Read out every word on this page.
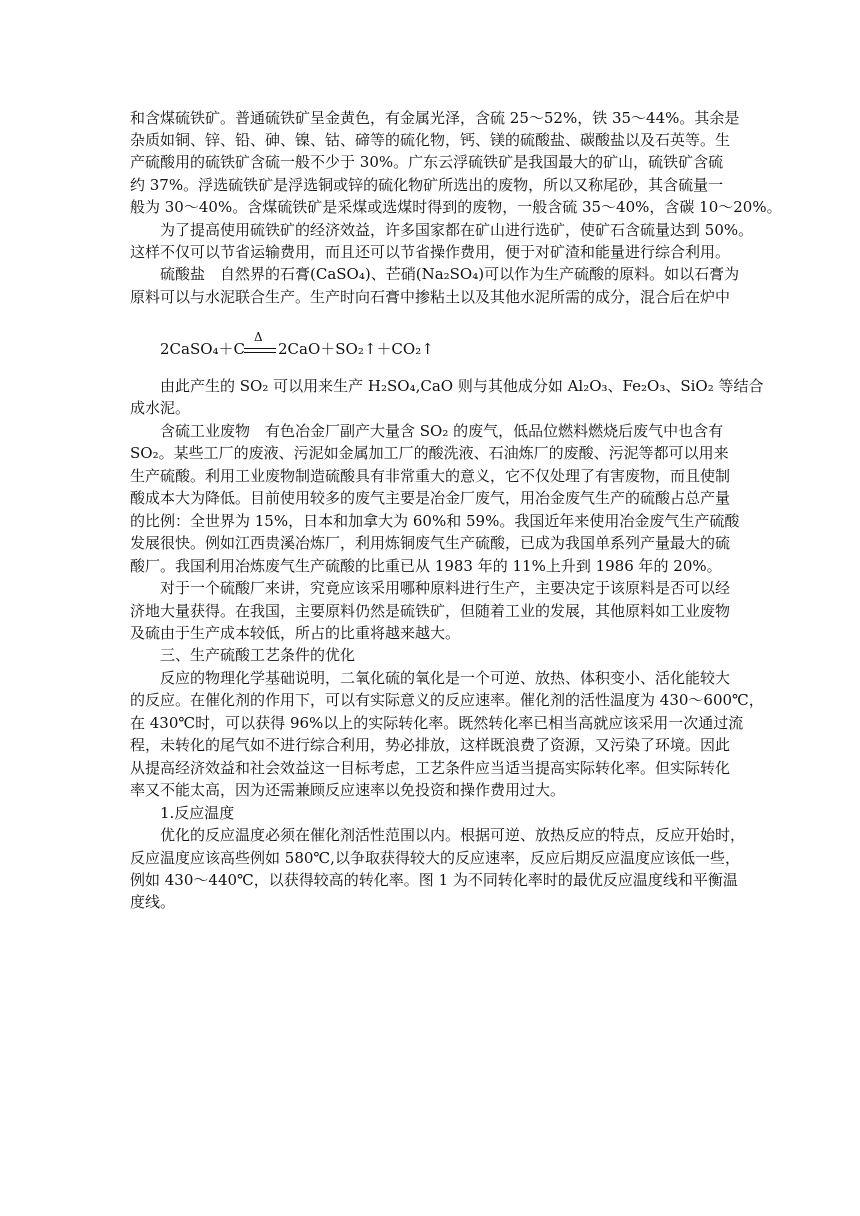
和含煤硫铁矿。普通硫铁矿呈金黄色，有金属光泽，含硫 25～52%，铁 35～44%。其余是
杂质如铜、锌、铅、砷、镍、钴、碲等的硫化物，钙、镁的硫酸盐、碳酸盐以及石英等。生
产硫酸用的硫铁矿含硫一般不少于 30%。广东云浮硫铁矿是我国最大的矿山，硫铁矿含硫
约 37%。浮选硫铁矿是浮选铜或锌的硫化物矿所选出的废物，所以又称尾砂，其含硫量一
般为 30～40%。含煤硫铁矿是采煤或选煤时得到的废物，一般含硫 35～40%，含碳 10～20%。
为了提高使用硫铁矿的经济效益，许多国家都在矿山进行选矿，使矿石含硫量达到 50%。
这样不仅可以节省运输费用，而且还可以节省操作费用，便于对矿渣和能量进行综合利用。
硫酸盐　自然界的石膏(CaSO₄)、芒硝(Na₂SO₄)可以作为生产硫酸的原料。如以石膏为
原料可以与水泥联合生产。生产时向石膏中掺粘土以及其他水泥所需的成分，混合后在炉中
2CaSO₄＋C
Δ
2CaO＋SO₂↑＋CO₂↑
由此产生的 SO₂ 可以用来生产 H₂SO₄,CaO 则与其他成分如 Al₂O₃、Fe₂O₃、SiO₂ 等结合
成水泥。
含硫工业废物　有色冶金厂副产大量含 SO₂ 的废气，低品位燃料燃烧后废气中也含有
SO₂。某些工厂的废液、污泥如金属加工厂的酸洗液、石油炼厂的废酸、污泥等都可以用来
生产硫酸。利用工业废物制造硫酸具有非常重大的意义，它不仅处理了有害废物，而且使制
酸成本大为降低。目前使用较多的废气主要是冶金厂废气，用冶金废气生产的硫酸占总产量
的比例：全世界为 15%，日本和加拿大为 60%和 59%。我国近年来使用冶金废气生产硫酸
发展很快。例如江西贵溪冶炼厂，利用炼铜废气生产硫酸，已成为我国单系列产量最大的硫
酸厂。我国利用冶炼废气生产硫酸的比重已从 1983 年的 11%上升到 1986 年的 20%。
对于一个硫酸厂来讲，究竟应该采用哪种原料进行生产，主要决定于该原料是否可以经
济地大量获得。在我国，主要原料仍然是硫铁矿，但随着工业的发展，其他原料如工业废物
及硫由于生产成本较低，所占的比重将越来越大。
三、生产硫酸工艺条件的优化
反应的物理化学基础说明，二氧化硫的氧化是一个可逆、放热、体积变小、活化能较大
的反应。在催化剂的作用下，可以有实际意义的反应速率。催化剂的活性温度为 430～600℃，
在 430℃时，可以获得 96%以上的实际转化率。既然转化率已相当高就应该采用一次通过流
程，未转化的尾气如不进行综合利用，势必排放，这样既浪费了资源，又污染了环境。因此
从提高经济效益和社会效益这一目标考虑，工艺条件应当适当提高实际转化率。但实际转化
率又不能太高，因为还需兼顾反应速率以免投资和操作费用过大。
1.反应温度
优化的反应温度必须在催化剂活性范围以内。根据可逆、放热反应的特点，反应开始时，
反应温度应该高些例如 580℃,以争取获得较大的反应速率，反应后期反应温度应该低一些，
例如 430～440℃，以获得较高的转化率。图 1 为不同转化率时的最优反应温度线和平衡温
度线。
